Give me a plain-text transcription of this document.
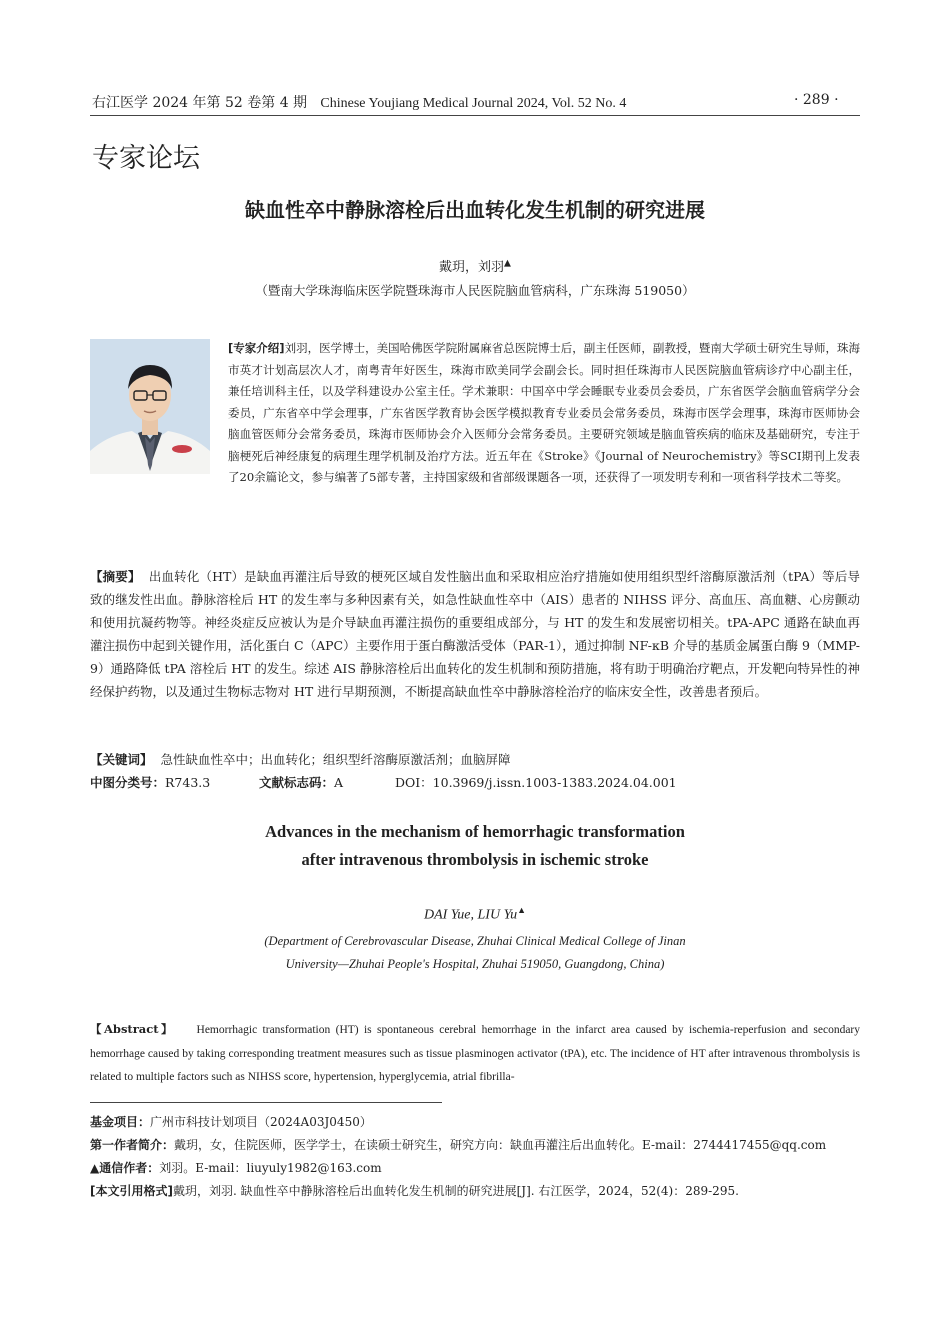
右江医学 2024 年第 52 卷第 4 期 Chinese Youjiang Medical Journal 2024, Vol. 52 No. 4	· 289 ·
专家论坛
缺血性卒中静脉溶栓后出血转化发生机制的研究进展
戴玥，刘羽▲
（暨南大学珠海临床医学院暨珠海市人民医院脑血管病科，广东珠海 519050）
[专家介绍]刘羽，医学博士，美国哈佛医学院附属麻省总医院博士后，副主任医师，副教授，暨南大学硕士研究生导师，珠海市英才计划高层次人才，南粤青年好医生，珠海市欧美同学会副会长。同时担任珠海市人民医院脑血管病诊疗中心副主任，兼任培训科主任，以及学科建设办公室主任。学术兼职：中国卒中学会睡眠专业委员会委员，广东省医学会脑血管病学分会委员，广东省卒中学会理事，广东省医学教育协会医学模拟教育专业委员会常务委员，珠海市医学会理事，珠海市医师协会脑血管医师分会常务委员，珠海市医师协会介入医师分会常务委员。主要研究领域是脑血管疾病的临床及基础研究，专注于脑梗死后神经康复的病理生理学机制及治疗方法。近五年在《Stroke》《Journal of Neurochemistry》等SCI期刊上发表了20余篇论文，参与编著了5部专著，主持国家级和省部级课题各一项，还获得了一项发明专利和一项省科学技术二等奖。
【摘要】 出血转化（HT）是缺血再灌注后导致的梗死区域自发性脑出血和采取相应治疗措施如使用组织型纤溶酶原激活剂（tPA）等后导致的继发性出血。静脉溶栓后 HT 的发生率与多种因素有关，如急性缺血性卒中（AIS）患者的 NIHSS 评分、高血压、高血糖、心房颤动和使用抗凝药物等。神经炎症反应被认为是介导缺血再灌注损伤的重要组成部分，与 HT 的发生和发展密切相关。tPA-APC 通路在缺血再灌注损伤中起到关键作用，活化蛋白 C（APC）主要作用于蛋白酶激活受体（PAR-1），通过抑制 NF-κB 介导的基质金属蛋白酶 9（MMP-9）通路降低 tPA 溶栓后 HT 的发生。综述 AIS 静脉溶栓后出血转化的发生机制和预防措施，将有助于明确治疗靶点，开发靶向特异性的神经保护药物，以及通过生物标志物对 HT 进行早期预测，不断提高缺血性卒中静脉溶栓治疗的临床安全性，改善患者预后。
【关键词】 急性缺血性卒中；出血转化；组织型纤溶酶原激活剂；血脑屏障
中图分类号：R743.3	文献标志码：A	DOI：10.3969/j.issn.1003-1383.2024.04.001
Advances in the mechanism of hemorrhagic transformation
after intravenous thrombolysis in ischemic stroke
DAI Yue, LIU Yu▲
(Department of Cerebrovascular Disease, Zhuhai Clinical Medical College of Jinan
University—Zhuhai People's Hospital, Zhuhai 519050, Guangdong, China)
【Abstract】 Hemorrhagic transformation (HT) is spontaneous cerebral hemorrhage in the infarct area caused by ischemia-reperfusion and secondary hemorrhage caused by taking corresponding treatment measures such as tissue plasminogen activator (tPA), etc. The incidence of HT after intravenous thrombolysis is related to multiple factors such as NIHSS score, hypertension, hyperglycemia, atrial fibrilla-
基金项目：广州市科技计划项目（2024A03J0450）
第一作者简介：戴玥，女，住院医师，医学学士，在读硕士研究生，研究方向：缺血再灌注后出血转化。E-mail：2744417455@qq.com
▲通信作者：刘羽。E-mail：liuyuly1982@163.com
[本文引用格式]戴玥，刘羽. 缺血性卒中静脉溶栓后出血转化发生机制的研究进展[J]. 右江医学，2024，52(4)：289-295.
